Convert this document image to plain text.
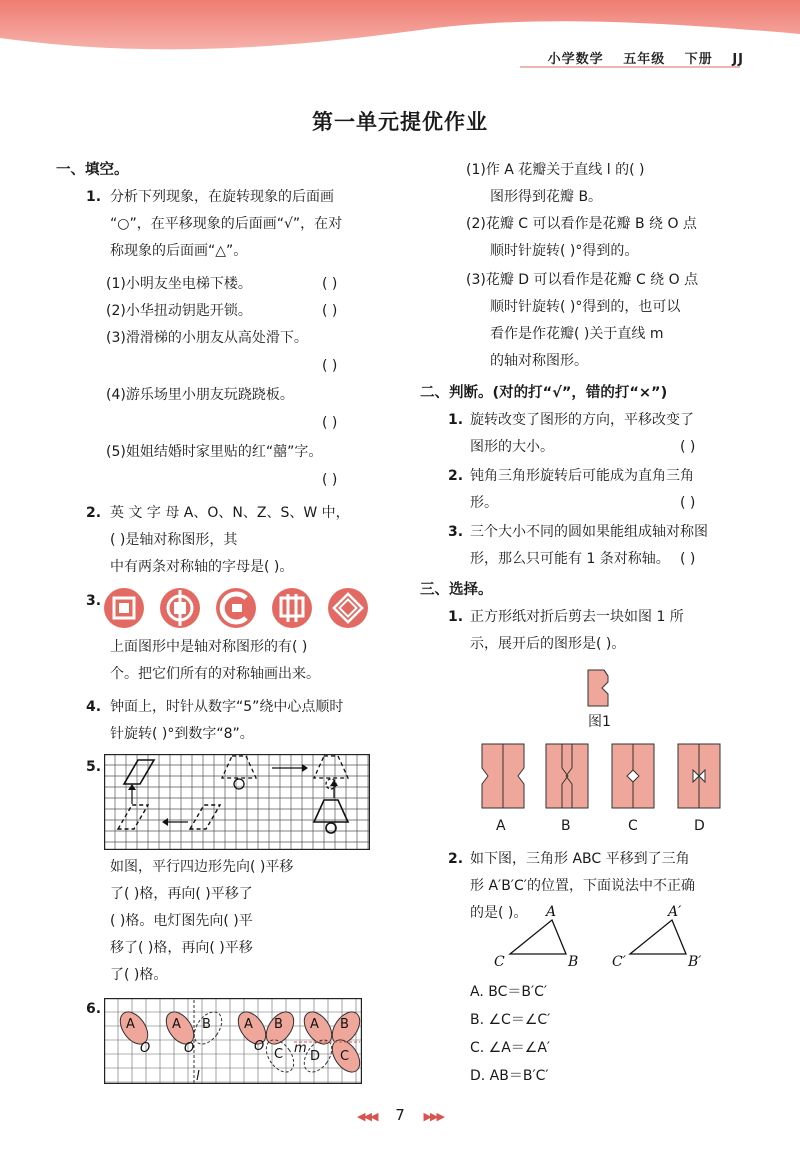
小学数学 五年级 下册 JJ
第一单元提优作业
一、填空。
1. 分析下列现象，在旋转现象的后面画
“○”，在平移现象的后面画“√”，在对
称现象的后面画“△”。
(1)小明友坐电梯下楼。	( )
(2)小华扭动钥匙开锁。	( )
(3)滑滑梯的小朋友从高处滑下。
( )
(4)游乐场里小朋友玩跷跷板。
( )
(5)姐姐结婚时家里贴的红“囍”字。
( )
2. 英 文 字 母 A、O、N、Z、S、W 中，
( )是轴对称图形，其
中有两条对称轴的字母是( )。
3.
上面图形中是轴对称图形的有( )
个。把它们所有的对称轴画出来。
4. 钟面上，时针从数字“5”绕中心点顺时
针旋转( )°到数字“8”。
5.
如图，平行四边形先向( )平移
了( )格，再向( )平移了
( )格。电灯图先向( )平
移了( )格，再向( )平移
了( )格。
6.
A
O
A B
O
l
A B
C
O m
A B
D C
(1)作 A 花瓣关于直线 l 的( )
图形得到花瓣 B。
(2)花瓣 C 可以看作是花瓣 B 绕 O 点
顺时针旋转( )°得到的。
(3)花瓣 D 可以看作是花瓣 C 绕 O 点
顺时针旋转( )°得到的，也可以
看作是作花瓣( )关于直线 m
的轴对称图形。
二、判断。(对的打“√”，错的打“×”)
1. 旋转改变了图形的方向，平移改变了
图形的大小。	( )
2. 钝角三角形旋转后可能成为直角三角
形。	( )
3. 三个大小不同的圆如果能组成轴对称图
形，那么只可能有 1 条对称轴。 ( )
三、选择。
1. 正方形纸对折后剪去一块如图 1 所
示，展开后的图形是( )。
图1
A	B	C	D
2. 如下图，三角形 ABC 平移到了三角
形 A′B′C′的位置，下面说法中不正确
的是( )。 A
C	B
A′
C′	B′
A. BC＝B′C′
B. ∠C＝∠C′
C. ∠A＝∠A′
D. AB＝B′C′
◀◀◀ 7 ▶▶▶
